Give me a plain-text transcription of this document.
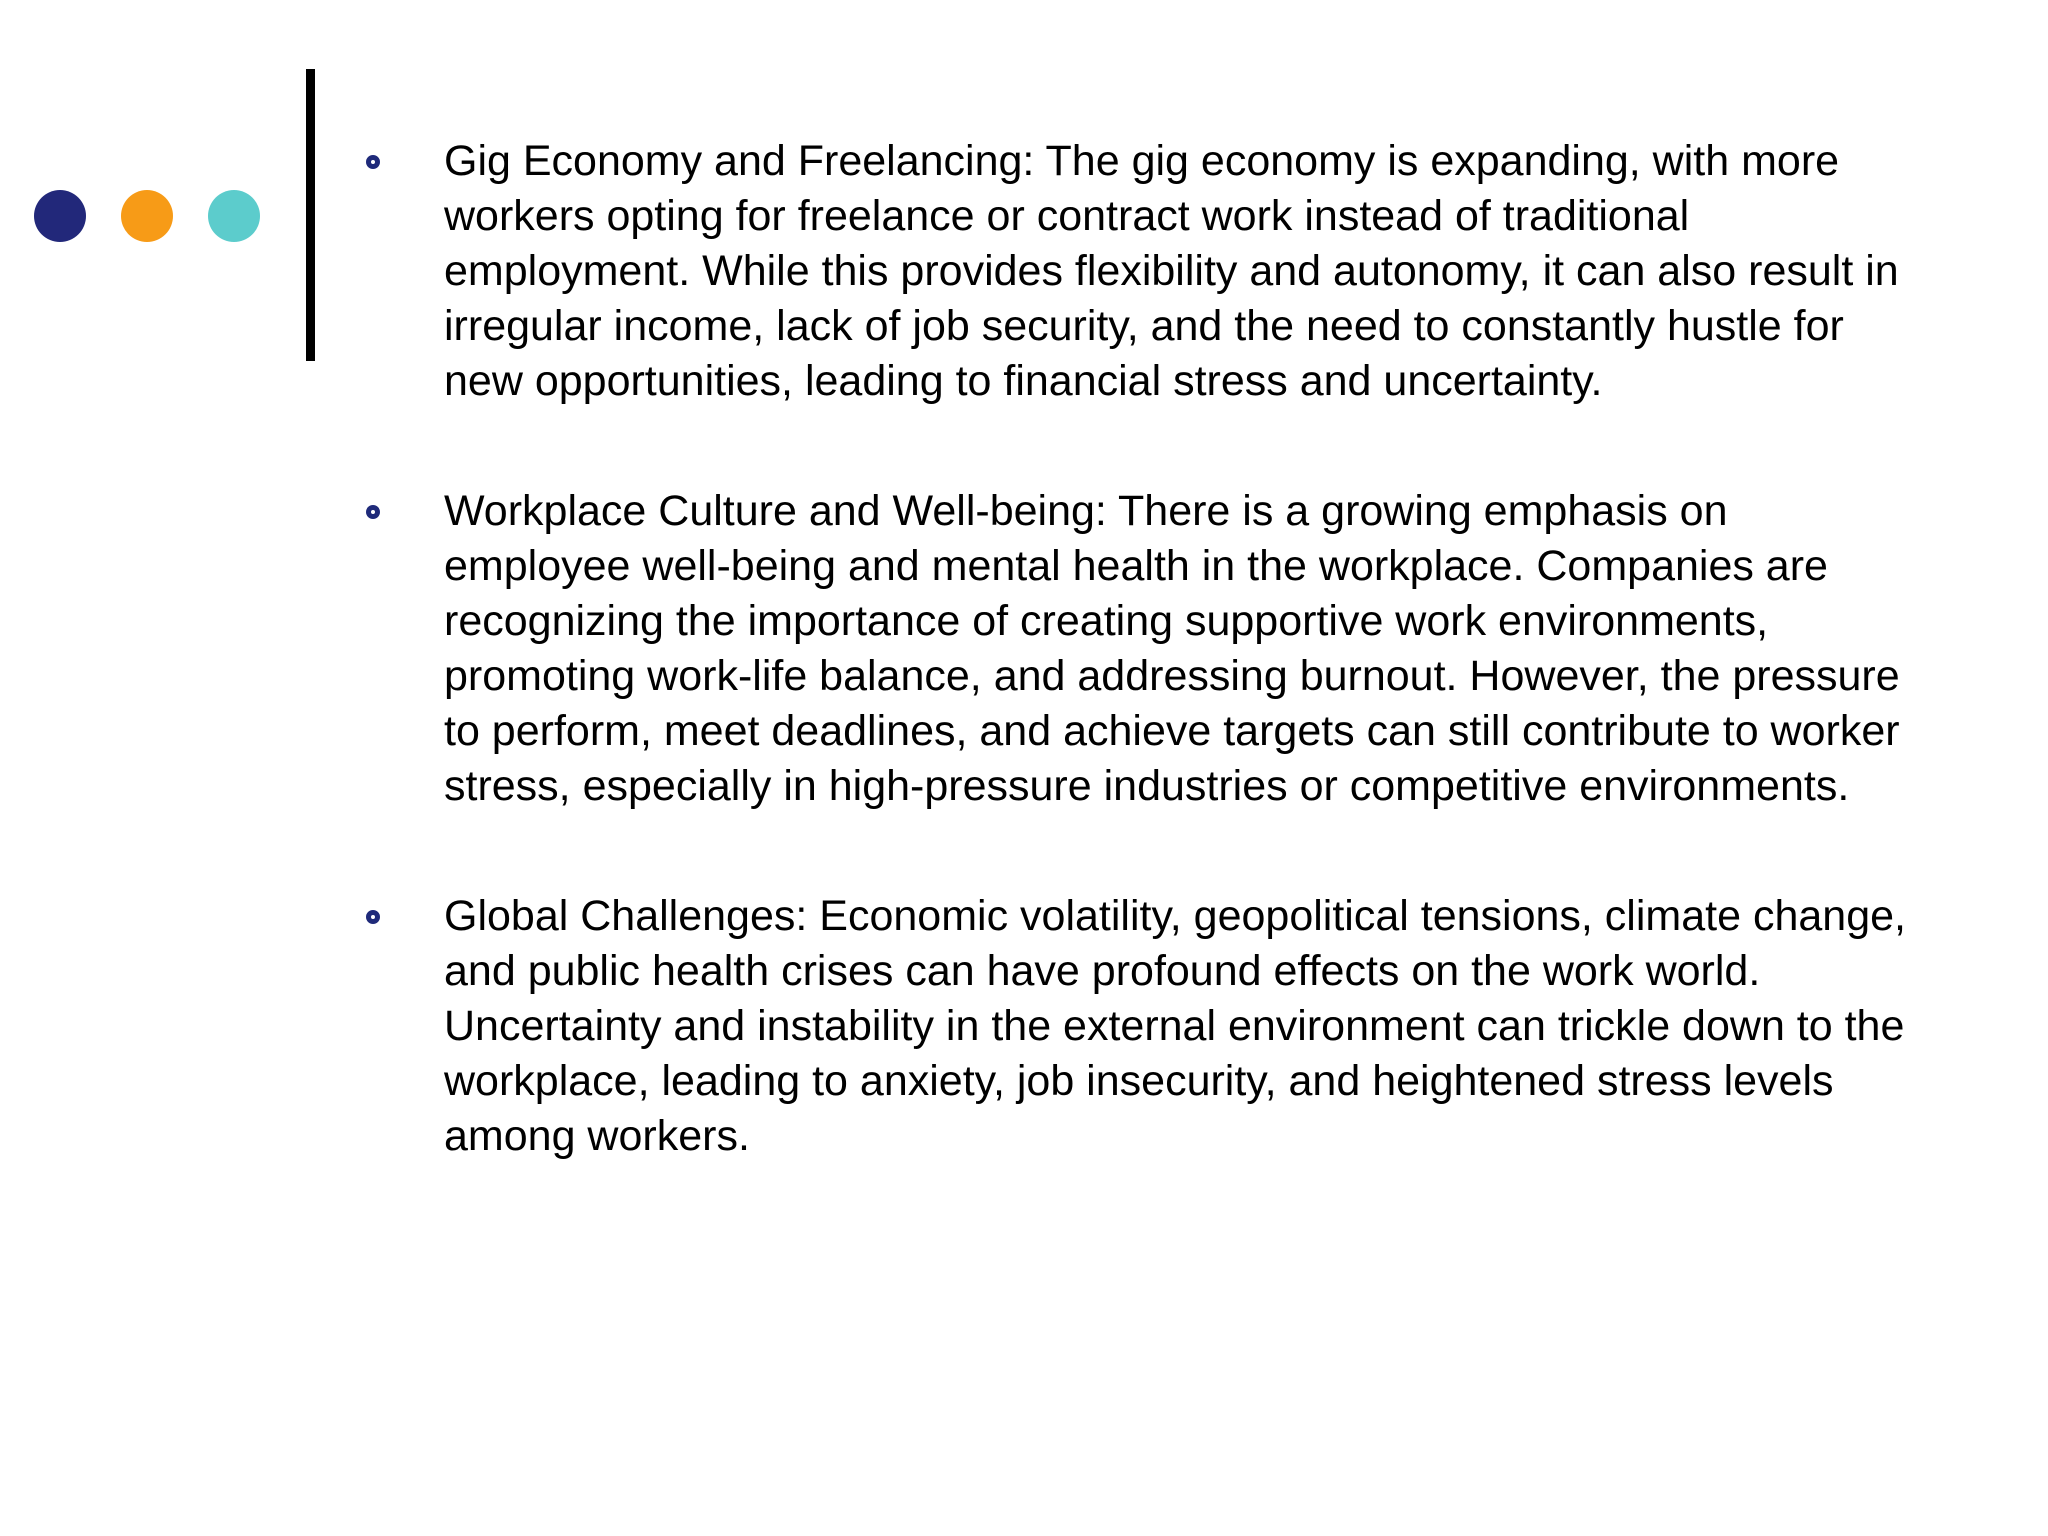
Gig Economy and Freelancing: The gig economy is expanding, with more workers opting for freelance or contract work instead of traditional employment. While this provides flexibility and autonomy, it can also result in irregular income, lack of job security, and the need to constantly hustle for new opportunities, leading to financial stress and uncertainty.
Workplace Culture and Well-being: There is a growing emphasis on employee well-being and mental health in the workplace. Companies are recognizing the importance of creating supportive work environments, promoting work-life balance, and addressing burnout. However, the pressure to perform, meet deadlines, and achieve targets can still contribute to worker stress, especially in high-pressure industries or competitive environments.
Global Challenges: Economic volatility, geopolitical tensions, climate change, and public health crises can have profound effects on the work world. Uncertainty and instability in the external environment can trickle down to the workplace, leading to anxiety, job insecurity, and heightened stress levels among workers.
